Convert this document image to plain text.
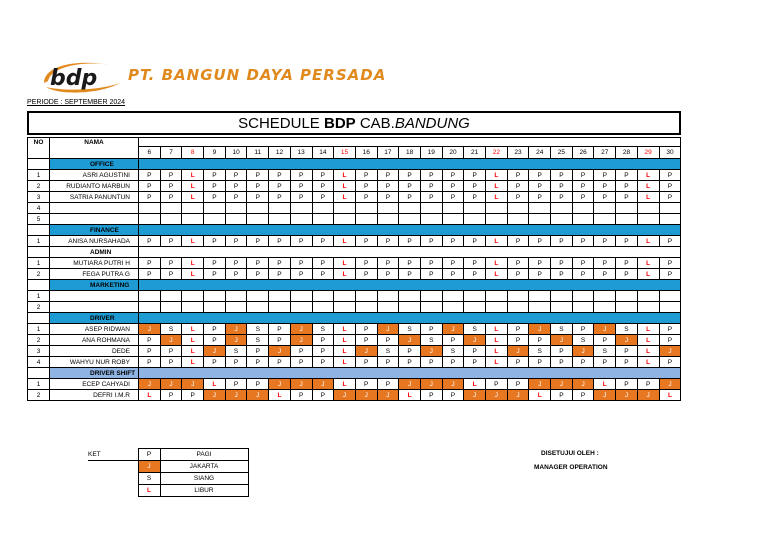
bdp PT. BANGUN DAYA PERSADA
PERIODE : SEPTEMBER 2024
SCHEDULE BDP CAB.BANDUNG
NO	NAMA																									
		6	7	8	9	10	11	12	13	14	15	16	17	18	19	20	21	22	23	24	25	26	27	28	29	30
	OFFICE																									
1	ASRI AGUSTINI	P	P	L	P	P	P	P	P	P	L	P	P	P	P	P	P	L	P	P	P	P	P	P	L	P
2	RUDIANTO MARBUN	P	P	L	P	P	P	P	P	P	L	P	P	P	P	P	P	L	P	P	P	P	P	P	L	P
3	SATRIA PANUNTUN	P	P	L	P	P	P	P	P	P	L	P	P	P	P	P	P	L	P	P	P	P	P	P	L	P
4																										
5																										
	FINANCE																									
1	ANISA NURSAHADA	P	P	L	P	P	P	P	P	P	L	P	P	P	P	P	P	L	P	P	P	P	P	P	L	P
	ADMIN																									
1	MUTIARA PUTRI H	P	P	L	P	P	P	P	P	P	L	P	P	P	P	P	P	L	P	P	P	P	P	P	L	P
2	FEGA PUTRA G	P	P	L	P	P	P	P	P	P	L	P	P	P	P	P	P	L	P	P	P	P	P	P	L	P
	MARKETING																									
1																										
2																										
	DRIVER																									
1	ASEP RIDWAN	J	S	L	P	J	S	P	J	S	L	P	J	S	P	J	S	L	P	J	S	P	J	S	L	P
2	ANA ROHMANA	P	J	L	P	J	S	P	J	P	L	P	P	J	S	P	J	L	P	P	J	S	P	J	L	P
3	DEDE	P	P	L	J	S	P	J	P	P	L	J	S	P	J	S	P	L	J	S	P	J	S	P	L	J
4	WAHYU NUR ROBY	P	P	L	P	P	P	P	P	P	L	P	P	P	P	P	P	L	P	P	P	P	P	P	L	P
	DRIVER SHIFT																									
1	ECEP CAHYADI	J	J	J	L	P	P	J	J	J	L	P	P	J	J	J	L	P	P	J	J	J	L	P	P	J
2	DEFRI I.M.R	L	P	P	J	J	J	L	P	P	J	J	J	L	P	P	J	J	J	L	P	P	J	J	J	L
KET	P	PAGI
	J	JAKARTA
	S	SIANG
	L	LIBUR
DISETUJUI OLEH :
MANAGER OPERATION
